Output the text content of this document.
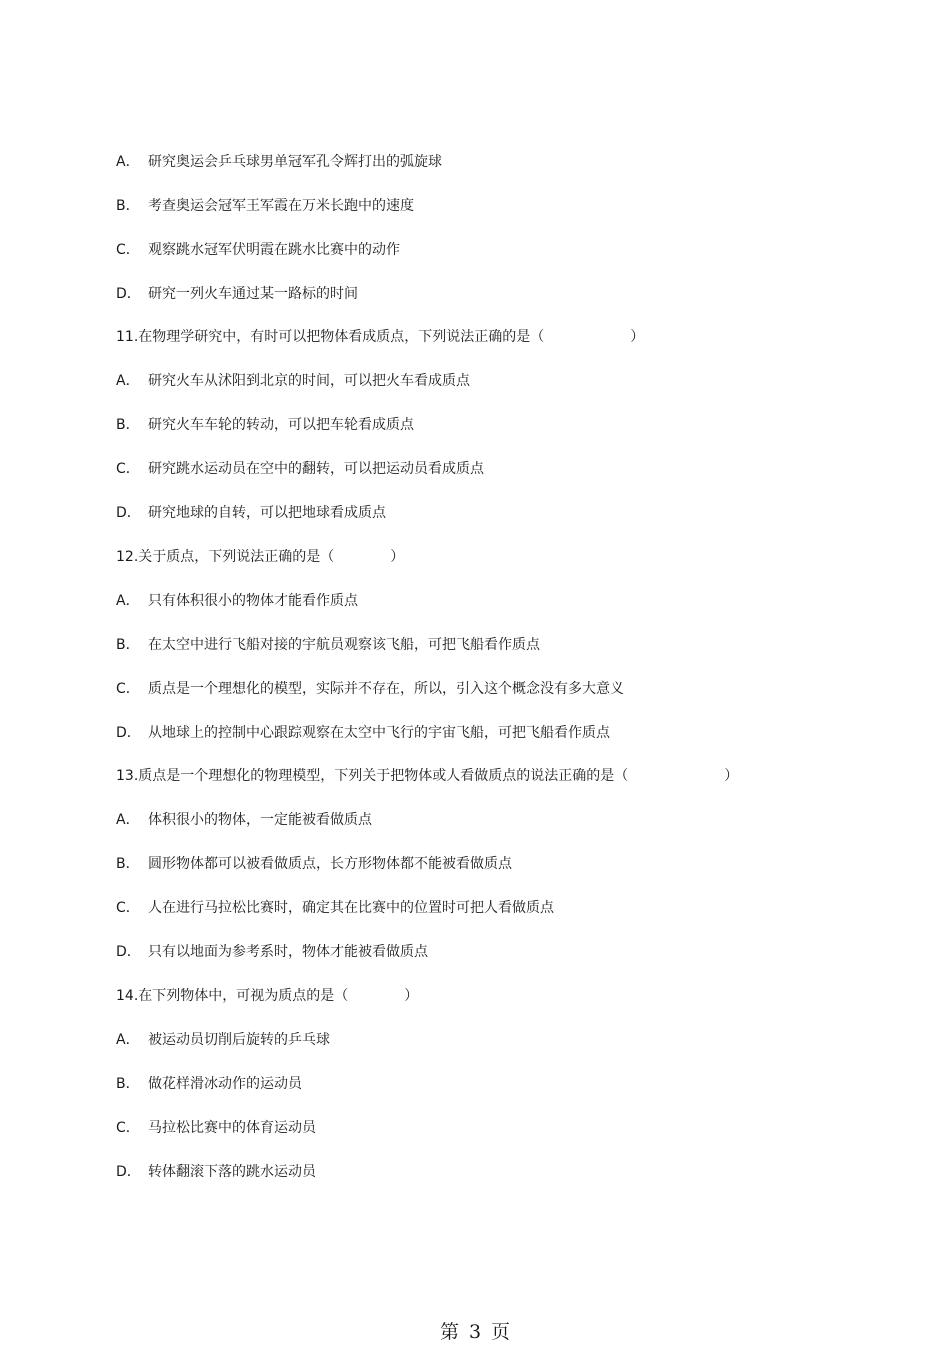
A． 研究奥运会乒乓球男单冠军孔令辉打出的弧旋球
B． 考查奥运会冠军王军霞在万米长跑中的速度
C． 观察跳水冠军伏明霞在跳水比赛中的动作
D． 研究一列火车通过某一路标的时间
11.在物理学研究中，有时可以把物体看成质点，下列说法正确的是（	）
A． 研究火车从沭阳到北京的时间，可以把火车看成质点
B． 研究火车车轮的转动，可以把车轮看成质点
C． 研究跳水运动员在空中的翻转，可以把运动员看成质点
D． 研究地球的自转，可以把地球看成质点
12.关于质点，下列说法正确的是（	）
A． 只有体积很小的物体才能看作质点
B． 在太空中进行飞船对接的宇航员观察该飞船，可把飞船看作质点
C． 质点是一个理想化的模型，实际并不存在，所以，引入这个概念没有多大意义
D． 从地球上的控制中心跟踪观察在太空中飞行的宇宙飞船，可把飞船看作质点
13.质点是一个理想化的物理模型，下列关于把物体或人看做质点的说法正确的是（	）
A． 体积很小的物体，一定能被看做质点
B． 圆形物体都可以被看做质点，长方形物体都不能被看做质点
C． 人在进行马拉松比赛时，确定其在比赛中的位置时可把人看做质点
D． 只有以地面为参考系时，物体才能被看做质点
14.在下列物体中，可视为质点的是（	）
A． 被运动员切削后旋转的乒乓球
B． 做花样滑冰动作的运动员
C． 马拉松比赛中的体育运动员
D． 转体翻滚下落的跳水运动员
第 3 页
